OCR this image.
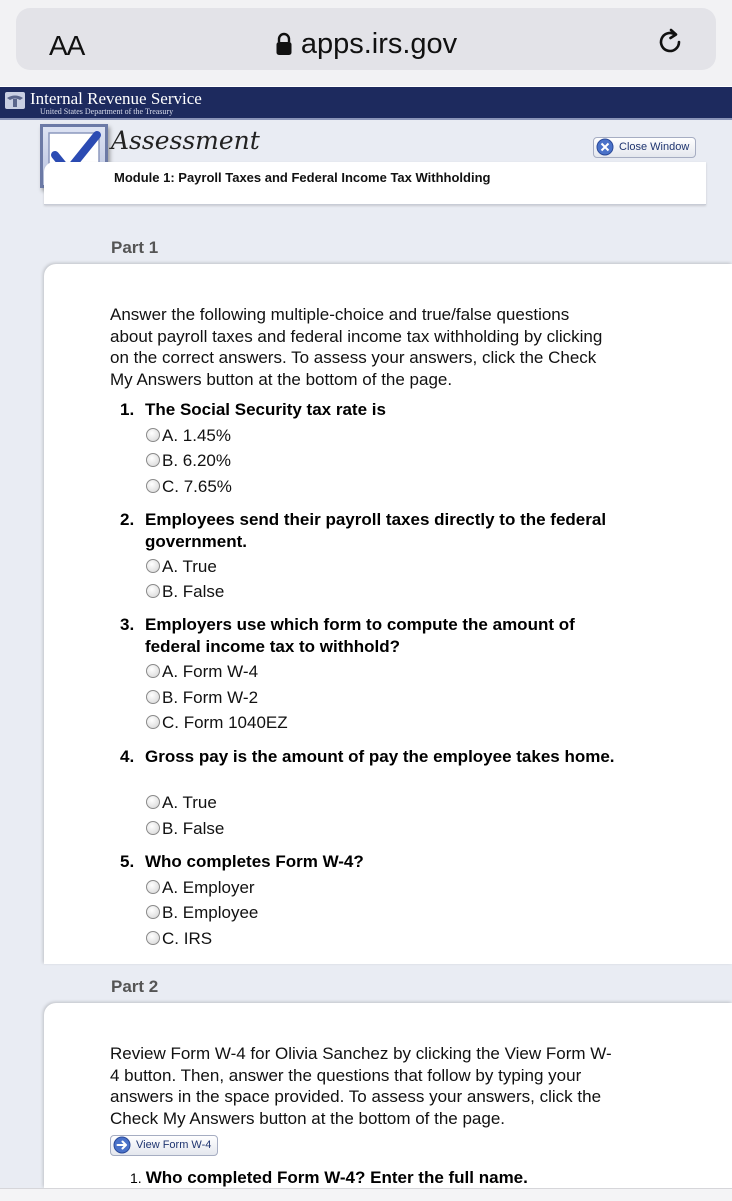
AA	apps.irs.gov
Internal Revenue Service
United States Department of the Treasury
Assessment	Close Window
Module 1: Payroll Taxes and Federal Income Tax Withholding
Part 1
Answer the following multiple-choice and true/false questions about payroll taxes and federal income tax withholding by clicking on the correct answers. To assess your answers, click the Check My Answers button at the bottom of the page.
1. The Social Security tax rate is
A. 1.45%
B. 6.20%
C. 7.65%
2. Employees send their payroll taxes directly to the federal government.
A. True
B. False
3. Employers use which form to compute the amount of federal income tax to withhold?
A. Form W-4
B. Form W-2
C. Form 1040EZ
4. Gross pay is the amount of pay the employee takes home.
A. True
B. False
5. Who completes Form W-4?
A. Employer
B. Employee
C. IRS
Part 2
Review Form W-4 for Olivia Sanchez by clicking the View Form W-4 button. Then, answer the questions that follow by typing your answers in the space provided. To assess your answers, click the Check My Answers button at the bottom of the page.
View Form W-4
1. Who completed Form W-4? Enter the full name.
